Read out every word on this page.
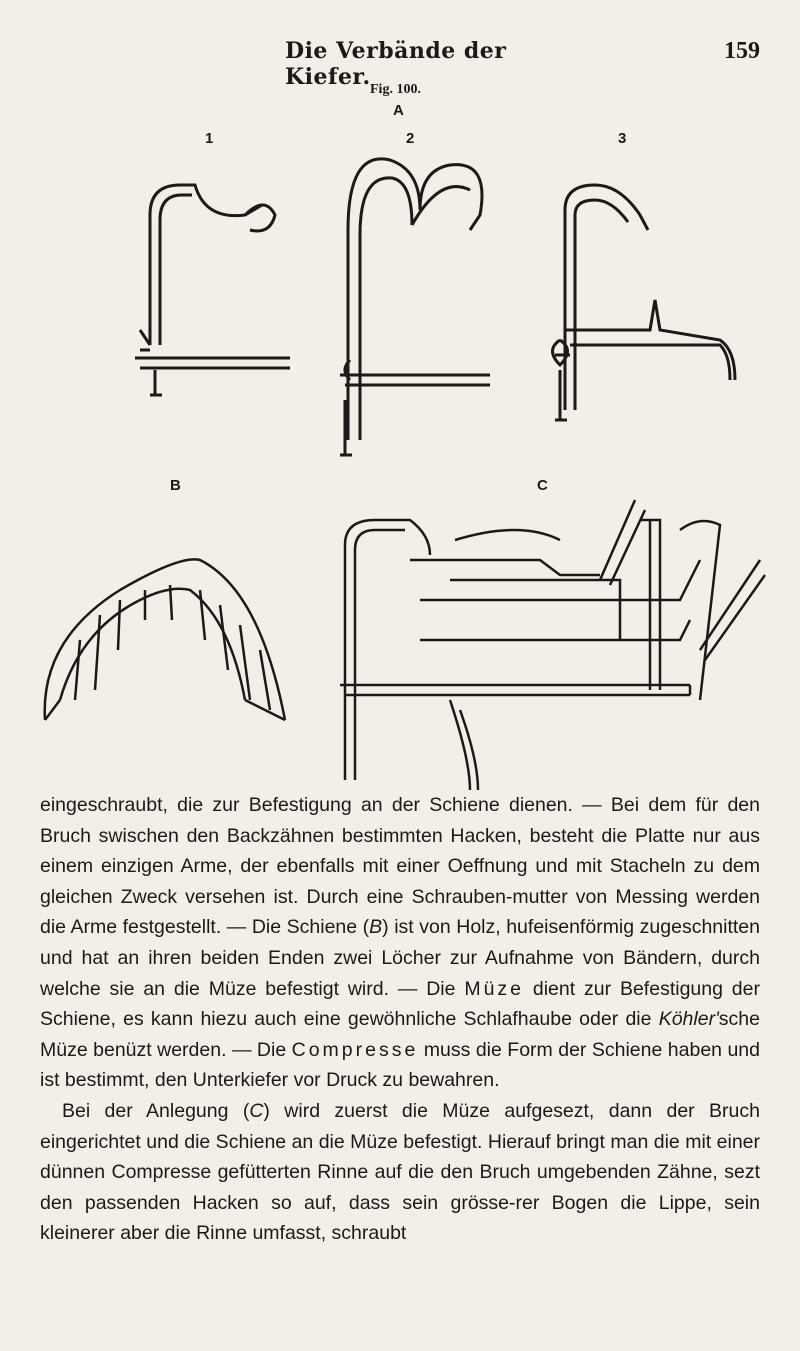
Die Verbände der Kiefer.
159
Fig. 100.
A
1	2	3
B	C

eingeschraubt, die zur Befestigung an der Schiene dienen. — Bei dem für den Bruch swischen den Backzähnen bestimmten Hacken, besteht die Platte nur aus einem einzigen Arme, der ebenfalls mit einer Oeffnung und mit Stacheln zu dem gleichen Zweck versehen ist. Durch eine Schrauben-mutter von Messing werden die Arme festgestellt. — Die Schiene (B) ist von Holz, hufeisenförmig zugeschnitten und hat an ihren beiden Enden zwei Löcher zur Aufnahme von Bändern, durch welche sie an die Müze befestigt wird. — Die Müze dient zur Befestigung der Schiene, es kann hiezu auch eine gewöhnliche Schlafhaube oder die Köhler'sche Müze benüzt werden. — Die Compresse muss die Form der Schiene haben und ist bestimmt, den Unterkiefer vor Druck zu bewahren.

Bei der Anlegung (C) wird zuerst die Müze aufgesezt, dann der Bruch eingerichtet und die Schiene an die Müze befestigt. Hierauf bringt man die mit einer dünnen Compresse gefütterten Rinne auf die den Bruch umgebenden Zähne, sezt den passenden Hacken so auf, dass sein grösse-rer Bogen die Lippe, sein kleinerer aber die Rinne umfasst, schraubt
